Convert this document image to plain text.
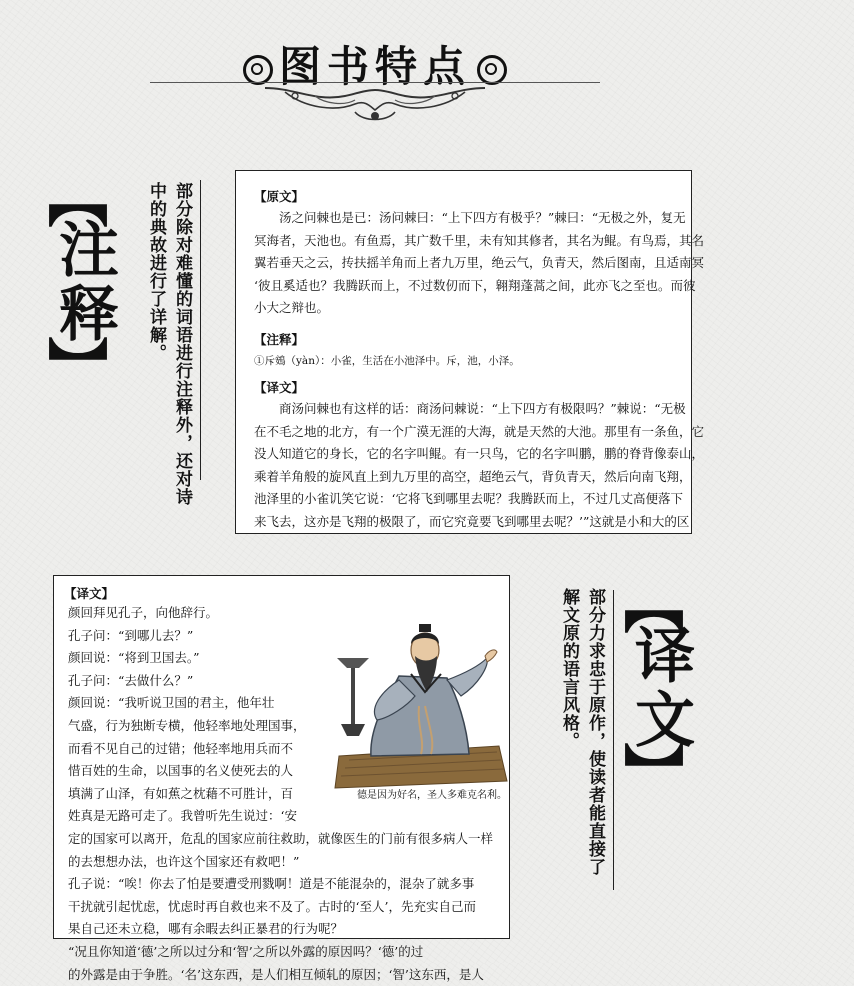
图书特点
【
注释
】	部分除对难懂的词语进行注释外，还对诗中的典故进行了详解。	【原文】

汤之问棘也是已：汤问棘曰：“上下四方有极乎？”棘曰：“无极之外，复无

冥海者，天池也。有鱼焉，其广数千里，未有知其修者，其名为鲲。有鸟焉，其名

翼若垂天之云，抟扶摇羊角而上者九万里，绝云气，负青天，然后图南，且适南冥

‘彼且奚适也？我腾跃而上，不过数仞而下，翱翔蓬蒿之间，此亦飞之至也。而彼

小大之辩也。

【注释】

①斥鴳（yàn）：小雀，生活在小池泽中。斥，池，小泽。

【译文】

商汤问棘也有这样的话：商汤问棘说：“上下四方有极限吗？”棘说：“无极

在不毛之地的北方，有一个广漠无涯的大海，就是天然的大池。那里有一条鱼，它

没人知道它的身长，它的名字叫鲲。有一只鸟，它的名字叫鹏，鹏的脊背像泰山，

乘着羊角般的旋风直上到九万里的高空，超绝云气，背负青天，然后向南飞翔，

池泽里的小雀讥笑它说：‘它将飞到哪里去呢？我腾跃而上，不过几丈高便落下

来飞去，这亦是飞翔的极限了，而它究竟要飞到哪里去呢？’”这就是小和大的区

【译文】

颜回拜见孔子，向他辞行。

孔子问：“到哪儿去？”

颜回说：“将到卫国去。”

孔子问：“去做什么？”

颜回说：“我听说卫国的君主，他年壮

气盛，行为独断专横，他轻率地处理国事，

而看不见自己的过错；他轻率地用兵而不

惜百姓的生命，以国事的名义使死去的人

填满了山泽，有如蕉之枕藉不可胜计，百

姓真是无路可走了。我曾听先生说过：‘安

定的国家可以离开，危乱的国家应前往救助，就像医生的门前有很多病人一样

的去想想办法，也许这个国家还有救吧！”

孔子说：“唉！你去了怕是要遭受刑戮啊！道是不能混杂的，混杂了就多事

干扰就引起忧虑，忧虑时再自救也来不及了。古时的‘至人’，先充实自己而

果自己还未立稳，哪有余暇去纠正暴君的行为呢？

“况且你知道‘德’之所以过分和‘智’之所以外露的原因吗？‘德’的过

的外露是由于争胜。‘名’这东西，是人们相互倾轧的原因；‘智’这东西，是人

德是因为好名，圣人多难克名利。	部分力求忠于原作，使读者能直接了解文原的语言风格。 【
译文
】
